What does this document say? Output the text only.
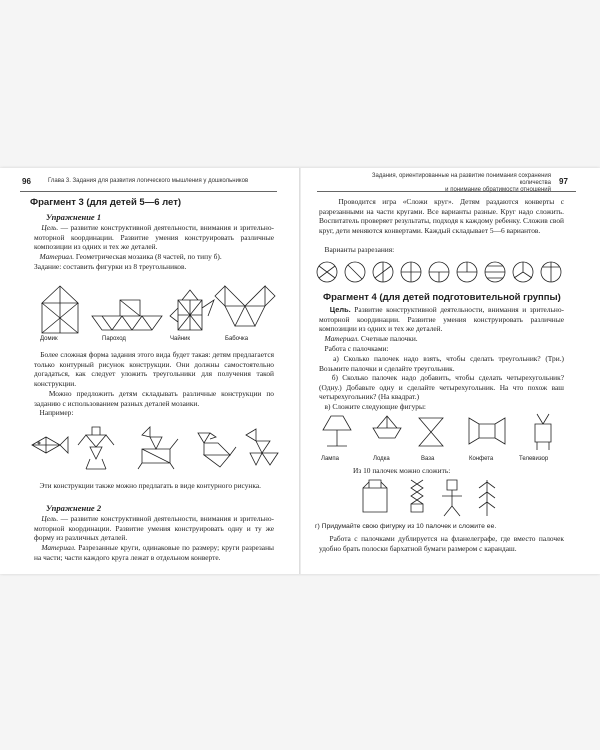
96	Глава 3. Задания для развития логического мышления у дошкольников
Фрагмент 3 (для детей 5—6 лет)
Упражнение 1
Цель. — развитие конструктивной деятельности, внимания и зрительно-моторной координации. Развитие умения конструировать различные композиции из одних и тех же деталей.
Материал. Геометрическая мозаика (8 частей, по типу б).
Задание: составить фигурки из 8 треугольников.
Домик	Пароход	Чайник	Бабочка
Более сложная форма задания этого вида будет такая: детям предлагается только контурный рисунок конструкции. Они должны самостоятельно догадаться, как следует уложить треугольники для получения такой конструкции.
Можно предложить детям складывать различные конструкции по заданию с использованием разных деталей мозаики.
Например:
Эти конструкции также можно предлагать в виде контурного рисунка.
Упражнение 2
Цель. — развитие конструктивной деятельности, внимания и зрительно-моторной координации. Развитие умения конструировать одну и ту же форму из различных деталей.
Материал. Разрезанные круги, одинаковые по размеру; круги разрезаны на части; части каждого круга лежат в отдельном конверте.
Задания, ориентированные на развитие понимания сохранения количества
и понимание обратимости отношений
97
Проводится игра «Сложи круг». Детям раздаются конверты с разрезанными на части кругами. Все варианты разные. Круг надо сложить. Воспитатель проверяет результаты, подходя к каждому ребенку. Сложив свой круг, дети меняются конвертами. Каждый складывает 5—6 вариантов.
Варианты разрезания:
Фрагмент 4 (для детей подготовительной группы)
Цель. Развитие конструктивной деятельности, внимания и зрительно-моторной координации. Развитие умения конструировать различные композиции из одних и тех же деталей.
Материал. Счетные палочки.
Работа с палочками:
а) Сколько палочек надо взять, чтобы сделать треугольник? (Три.) Возьмите палочки и сделайте треугольник.
б) Сколько палочек надо добавить, чтобы сделать четырехугольник? (Одну.) Добавьте одну и сделайте четырехугольник. На что похож ваш четырехугольник? (На квадрат.)
в) Сложите следующие фигуры:
Лампа	Лодка	Ваза	Конфета	Телевизор
Из 10 палочек можно сложить:
г) Придумайте свою фигурку из 10 палочек и сложите ее.
Работа с палочками дублируется на фланелеграфе, где вместо палочек удобно брать полоски бархатной бумаги размером с карандаш.
